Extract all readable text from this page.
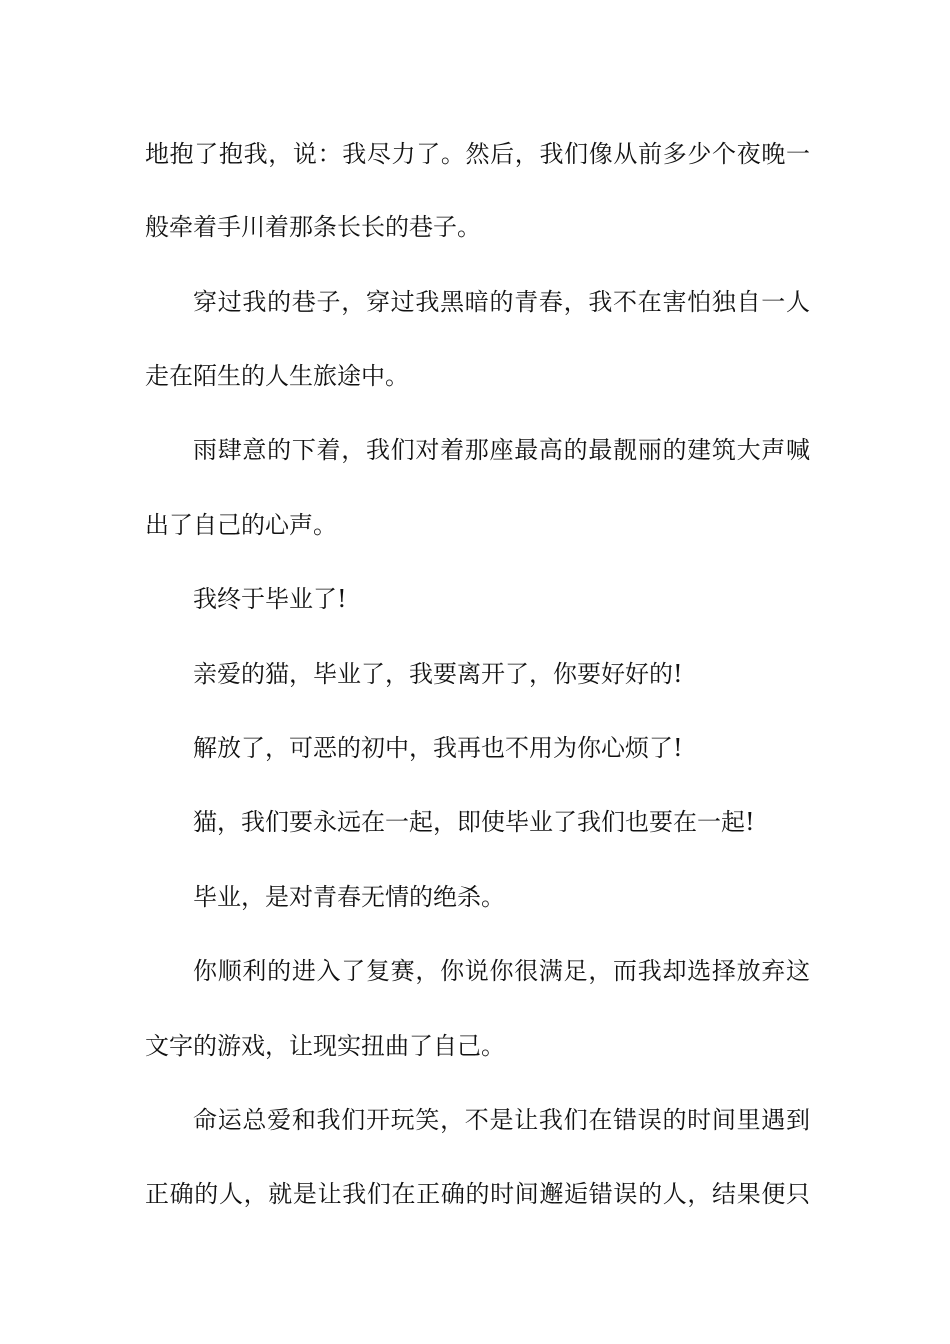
地抱了抱我，说：我尽力了。然后，我们像从前多少个夜晚一
般牵着手川着那条长长的巷子。
穿过我的巷子，穿过我黑暗的青春，我不在害怕独自一人
走在陌生的人生旅途中。
雨肆意的下着，我们对着那座最高的最靓丽的建筑大声喊
出了自己的心声。
我终于毕业了!
亲爱的猫，毕业了，我要离开了，你要好好的!
解放了，可恶的初中，我再也不用为你心烦了!
猫，我们要永远在一起，即使毕业了我们也要在一起!
毕业，是对青春无情的绝杀。
你顺利的进入了复赛，你说你很满足，而我却选择放弃这
文字的游戏，让现实扭曲了自己。
命运总爱和我们开玩笑，不是让我们在错误的时间里遇到
正确的人，就是让我们在正确的时间邂逅错误的人，结果便只
